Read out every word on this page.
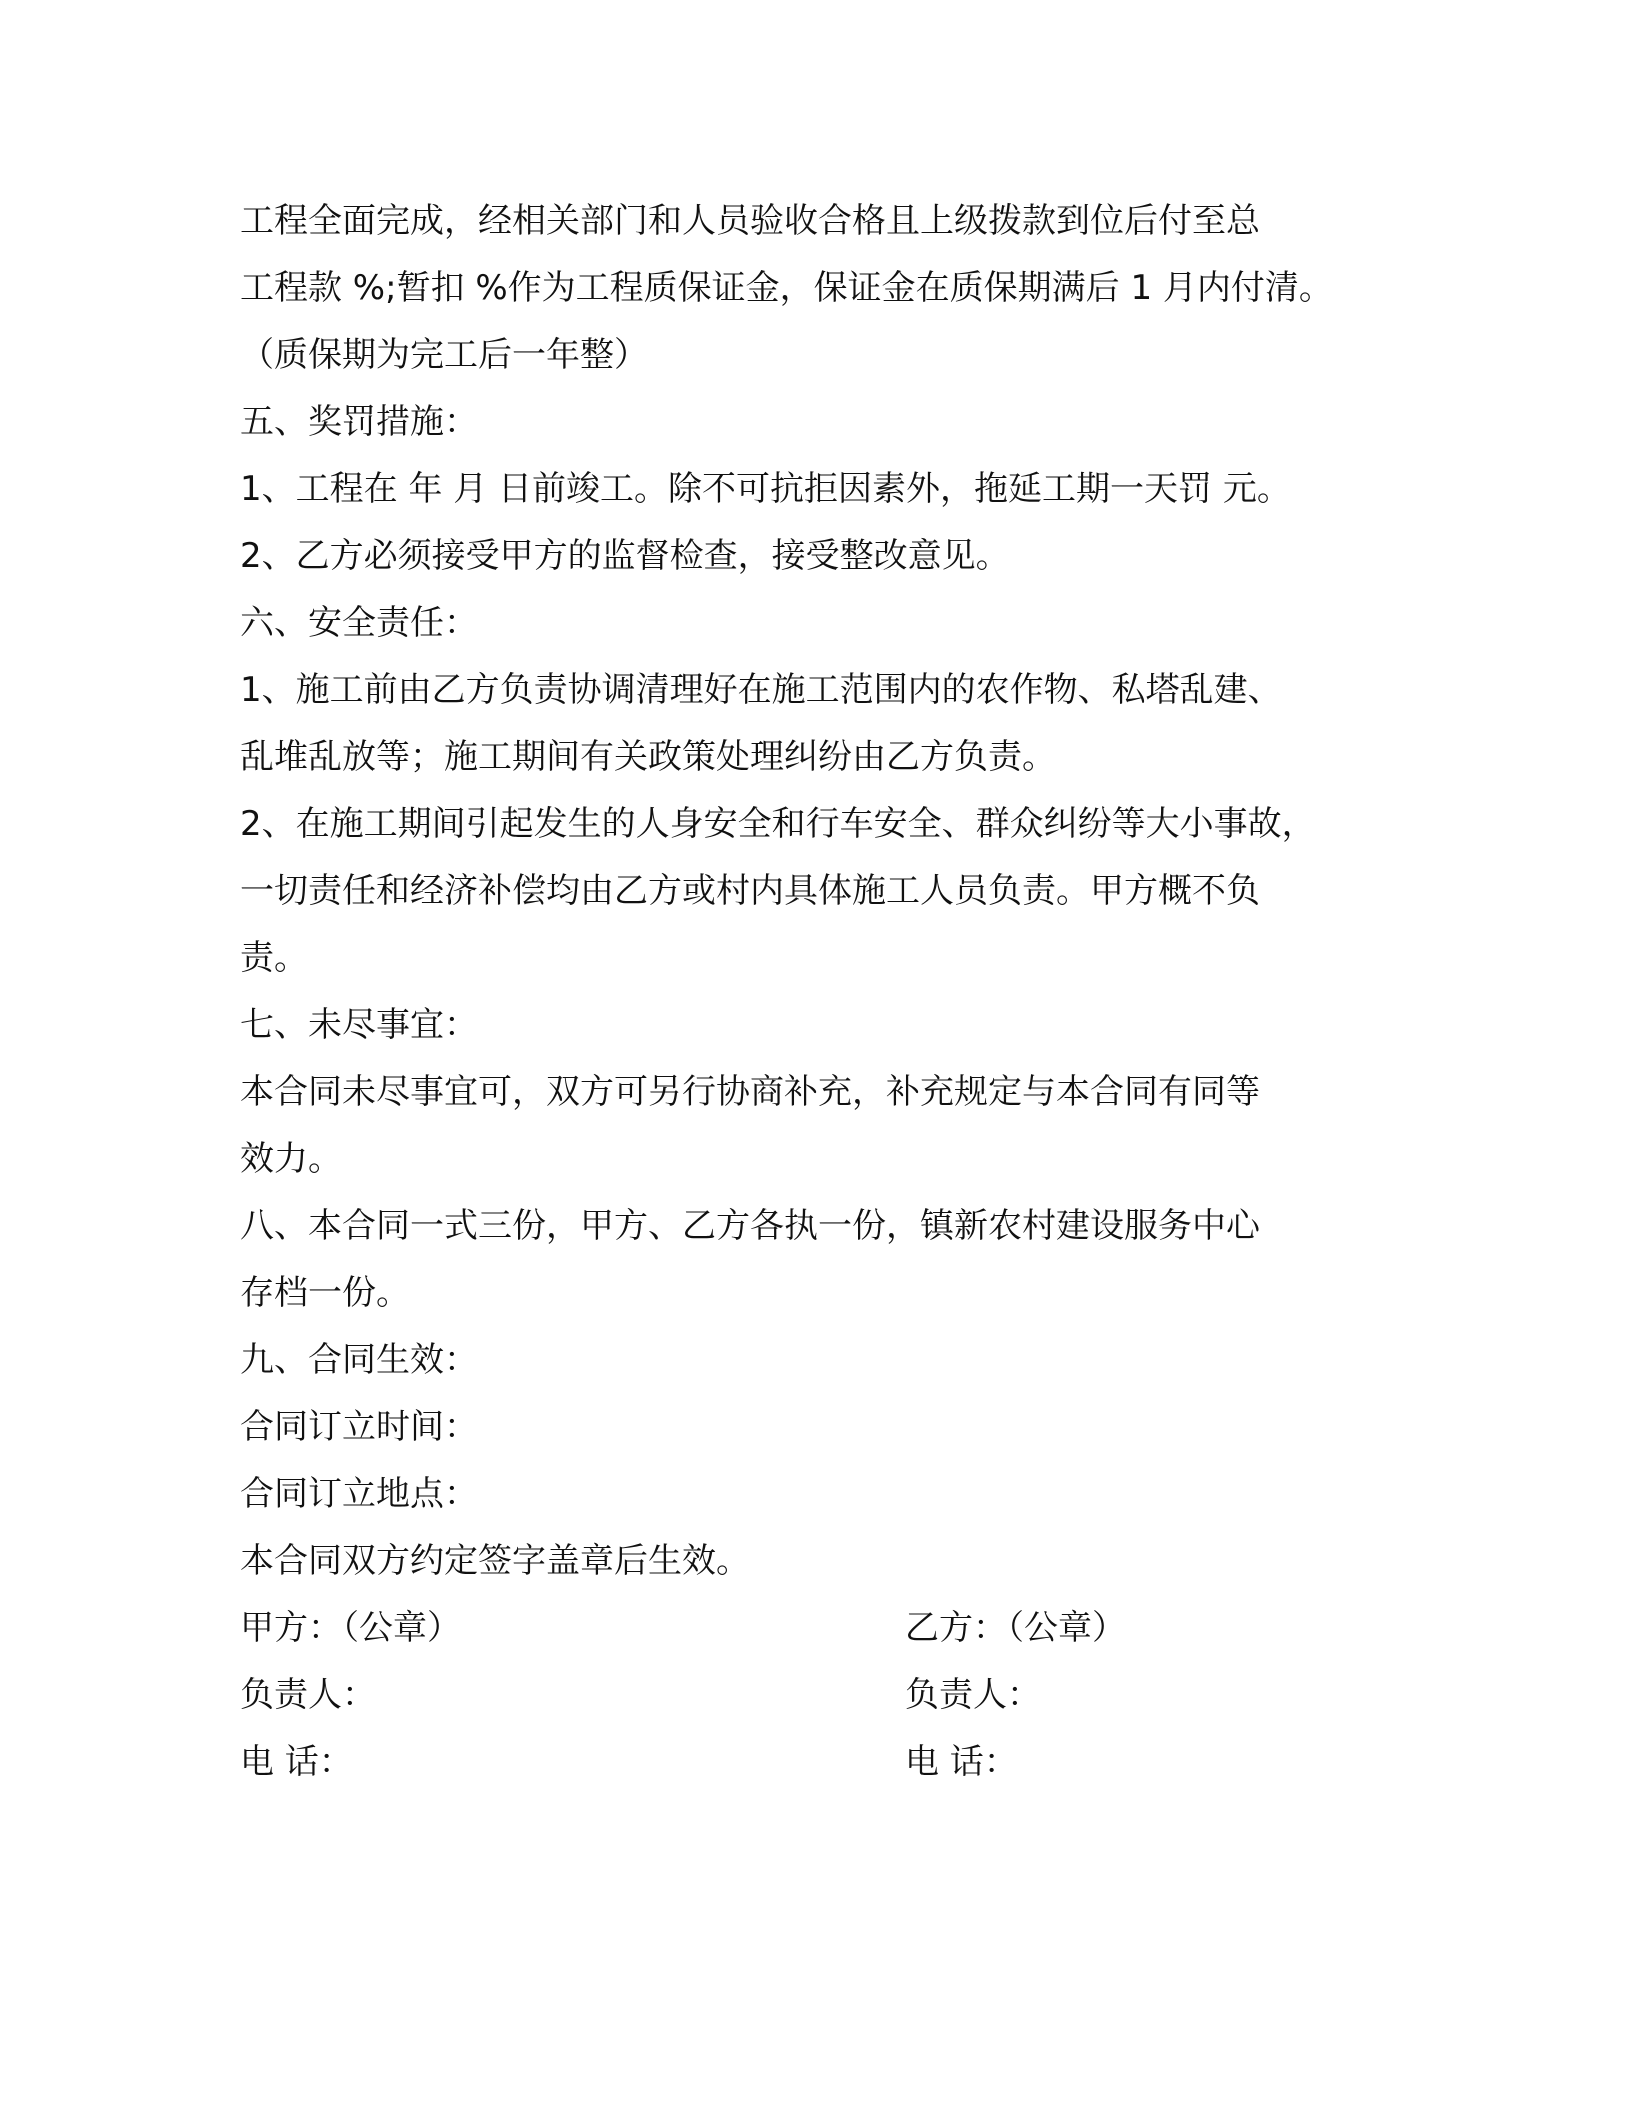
工程全面完成，经相关部门和人员验收合格且上级拨款到位后付至总
工程款 %;暂扣 %作为工程质保证金，保证金在质保期满后 1 月内付清。
（质保期为完工后一年整）
五、奖罚措施：
1、工程在 年 月 日前竣工。除不可抗拒因素外，拖延工期一天罚 元。
2、乙方必须接受甲方的监督检查，接受整改意见。
六、安全责任：
1、施工前由乙方负责协调清理好在施工范围内的农作物、私塔乱建、
乱堆乱放等；施工期间有关政策处理纠纷由乙方负责。
2、在施工期间引起发生的人身安全和行车安全、群众纠纷等大小事故，
一切责任和经济补偿均由乙方或村内具体施工人员负责。甲方概不负
责。
七、未尽事宜：
本合同未尽事宜可，双方可另行协商补充，补充规定与本合同有同等
效力。
八、本合同一式三份，甲方、乙方各执一份，镇新农村建设服务中心
存档一份。
九、合同生效：
合同订立时间：
合同订立地点：
本合同双方约定签字盖章后生效。
甲方：（公章）	乙方：（公章）
负责人：	负责人：
电 话：	电 话：
